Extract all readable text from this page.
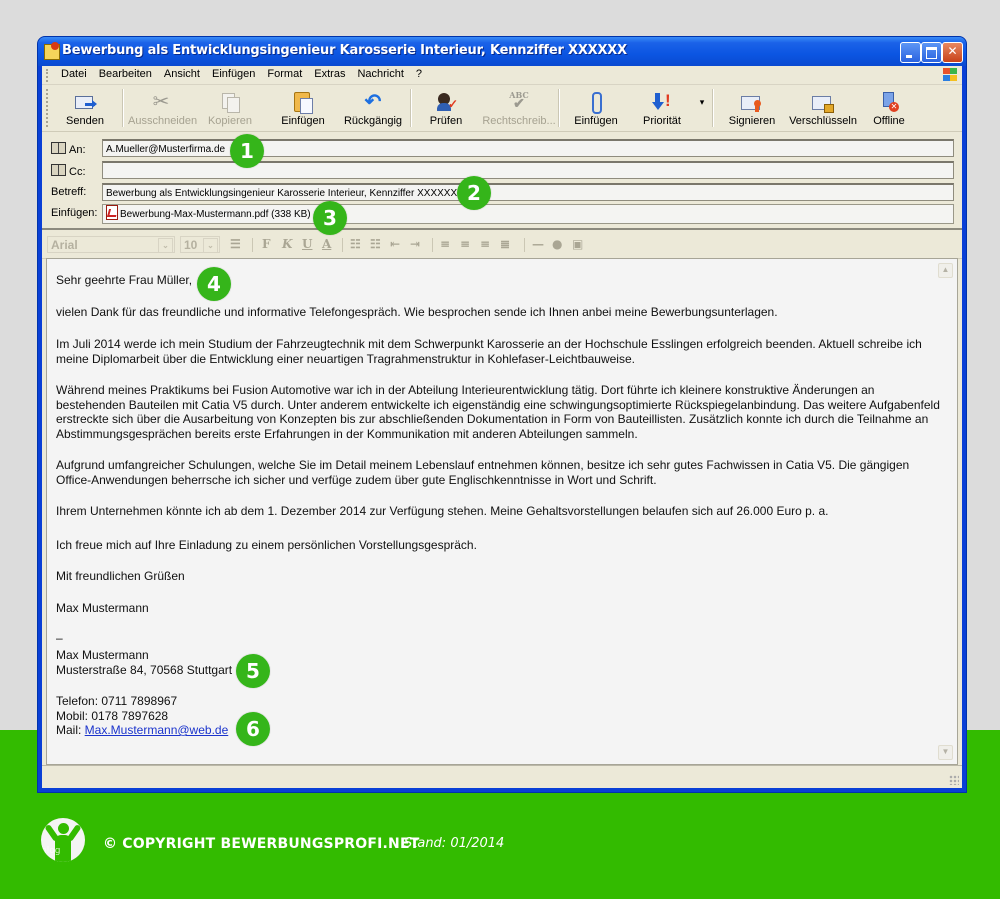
Bewerbung als Entwicklungsingenieur Karosserie Interieur, Kennziffer XXXXXX	✕
Datei	Bearbeiten	Ansicht	Einfügen	Format	Extras	Nachricht	?
Senden
✂
Ausschneiden Kopieren	Einfügen
↶
Rückgängig
✓
Prüfen
ABC
✔
Rechtschreib...	Einfügen
!
Priorität
▾
Signieren	Verschlüsseln
✕
Offline
An:	A.Mueller@Musterfirma.de
Cc:
Betreff:	Bewerbung als Entwicklungsingenieur Karosserie Interieur, Kennziffer XXXXXX
Einfügen:	Bewerbung-Max-Mustermann.pdf (338 KB)
Arial	⌄	10	⌄	☰ F K U A ☷ ☷ ⇤ ⇥ ≡ ≡ ≡ ≣ — ● ▣
Sehr geehrte Frau Müller,
vielen Dank für das freundliche und informative Telefongespräch. Wie besprochen sende ich Ihnen anbei meine Bewerbungsunterlagen.
Im Juli 2014 werde ich mein Studium der Fahrzeugtechnik mit dem Schwerpunkt Karosserie an der Hochschule Esslingen erfolgreich beenden. Aktuell schreibe ich meine Diplomarbeit über die Entwicklung einer neuartigen Tragrahmenstruktur in Kohlefaser-Leichtbauweise.
Während meines Praktikums bei Fusion Automotive war ich in der Abteilung Interieurentwicklung tätig. Dort führte ich kleinere konstruktive Änderungen an bestehenden Bauteilen mit Catia V5 durch. Unter anderem entwickelte ich eigenständig eine schwingungsoptimierte Rückspiegelanbindung. Das weitere Aufgabenfeld erstreckte sich über die Ausarbeitung von Konzepten bis zur abschließenden Dokumentation in Form von Bauteillisten. Zusätzlich konnte ich durch die Teilnahme an Abstimmungsgesprächen bereits erste Erfahrungen in der Kommunikation mit anderen Abteilungen sammeln.
Aufgrund umfangreicher Schulungen, welche Sie im Detail meinem Lebenslauf entnehmen können, besitze ich sehr gutes Fachwissen in Catia V5. Die gängigen Office-Anwendungen beherrsche ich sicher und verfüge zudem über gute Englischkenntnisse in Wort und Schrift.
Ihrem Unternehmen könnte ich ab dem 1. Dezember 2014 zur Verfügung stehen. Meine Gehaltsvorstellungen belaufen sich auf 26.000 Euro p. a.
Ich freue mich auf Ihre Einladung zu einem persönlichen Vorstellungsgespräch.
Mit freundlichen Grüßen
Max Mustermann
–
Max Mustermann
Musterstraße 84, 70568 Stuttgart
Telefon: 0711 7898967
Mobil: 0178 7897628
Mail: Max.Mustermann@web.de
▲
▼
1
2
3
4
5
6
blog	© COPYRIGHT BEWERBUNGSPROFI.NET
Stand: 01/2014
